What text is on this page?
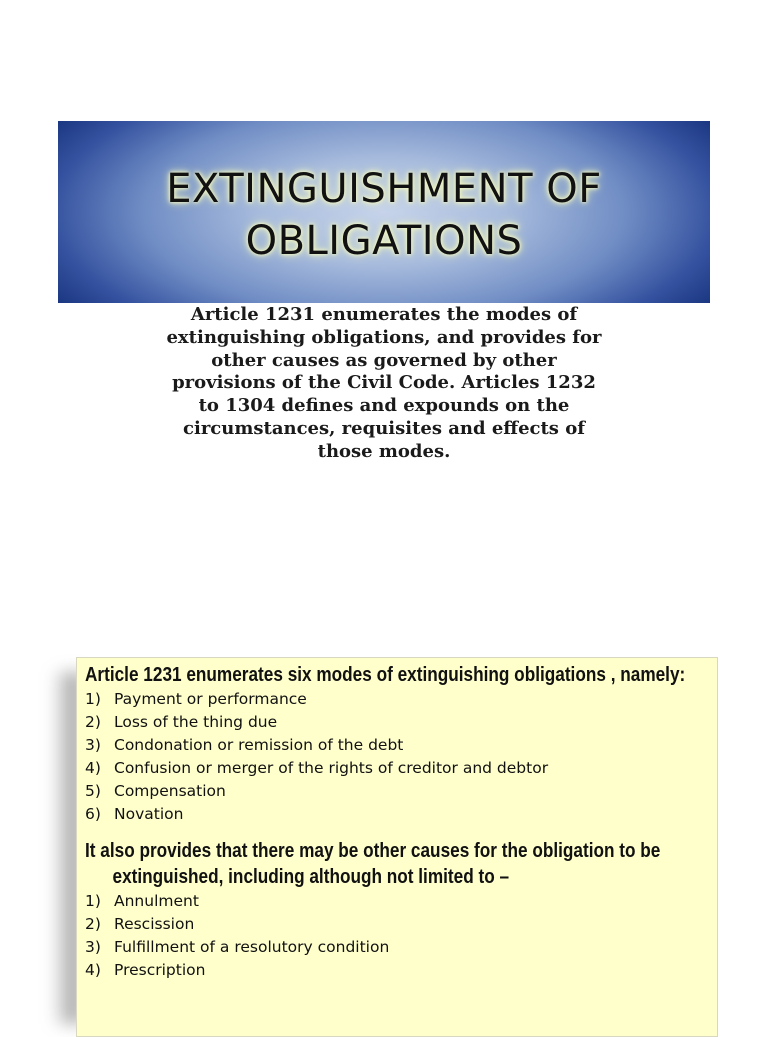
EXTINGUISHMENT OF
OBLIGATIONS
Article 1231 enumerates the modes of
extinguishing obligations, and provides for
other causes as governed by other
provisions of the Civil Code. Articles 1232
to 1304 defines and expounds on the
circumstances, requisites and effects of
those modes.
Article 1231 enumerates six modes of extinguishing obligations , namely:
1) Payment or performance
2) Loss of the thing due
3) Condonation or remission of the debt
4) Confusion or merger of the rights of creditor and debtor
5) Compensation
6) Novation
It also provides that there may be other causes for the obligation to be
extinguished, including although not limited to –
1) Annulment
2) Rescission
3) Fulfillment of a resolutory condition
4) Prescription
